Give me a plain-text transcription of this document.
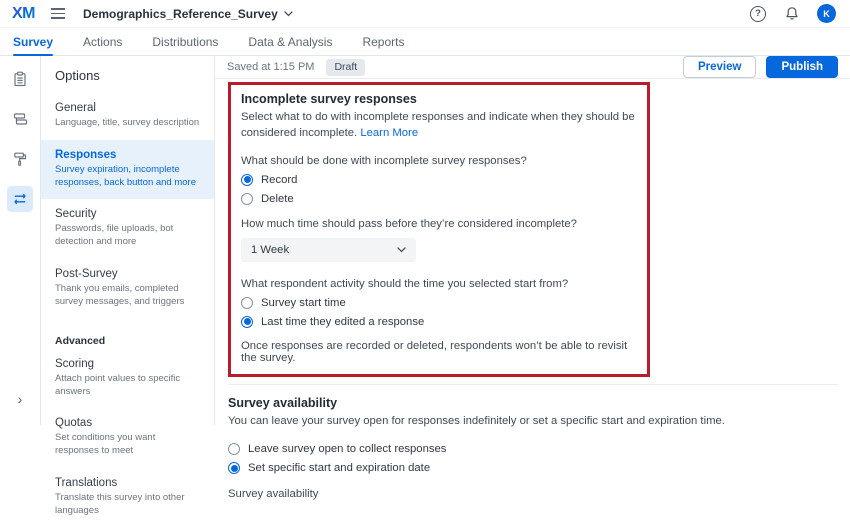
XM	Demographics_Reference_Survey	?	K
Survey	Actions	Distributions	Data & Analysis	Reports
›
Options
General
Language, title, survey description
Responses
Survey expiration, incomplete responses, back button and more
Security
Passwords, file uploads, bot detection and more
Post-Survey
Thank you emails, completed survey messages, and triggers
Advanced
Scoring
Attach point values to specific answers
Quotas
Set conditions you want responses to meet
Translations
Translate this survey into other languages
Saved at 1:15 PM	Draft	Preview	Publish
Incomplete survey responses
Select what to do with incomplete responses and indicate when they should be considered incomplete. Learn More
What should be done with incomplete survey responses?
Record
Delete
How much time should pass before they’re considered incomplete?
1 Week
What respondent activity should the time you selected start from?
Survey start time
Last time they edited a response
Once responses are recorded or deleted, respondents won’t be able to revisit the survey.
Survey availability
You can leave your survey open for responses indefinitely or set a specific start and expiration time.
Leave survey open to collect responses
Set specific start and expiration date
Survey availability
